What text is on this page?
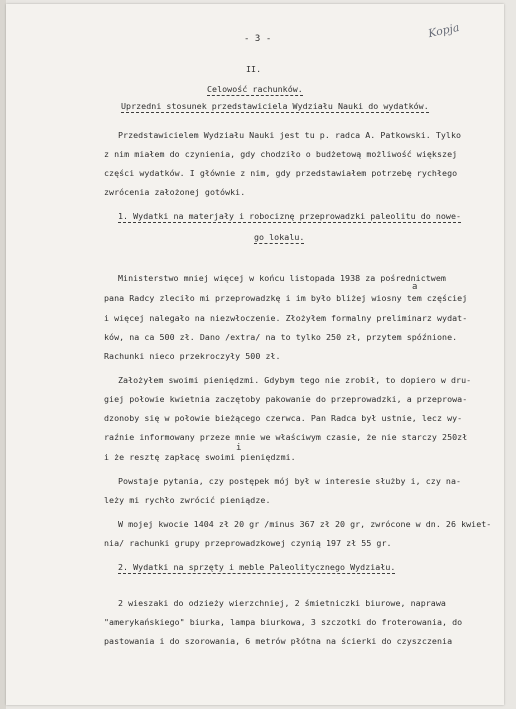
- 3 -	Kopja
II.
Celowość rachunków.
Uprzedni stosunek przedstawiciela Wydziału Nauki do wydatków.
Przedstawicielem Wydziału Nauki jest tu p. radca A. Patkowski. Tylko
z nim miałem do czynienia, gdy chodziło o budżetową możliwość większej
części wydatków. I głównie z nim, gdy przedstawiałem potrzebę rychłego
zwrócenia założonej gotówki.
1. Wydatki na materjały i robociznę przeprowadzki paleolitu do nowe-
go lokalu.
Ministerstwo mniej więcej w końcu listopada 1938 za pośrednictwem
a
pana Radcy zleciło mi przeprowadzkę i im było bliżej wiosny tem częściej
i więcej nalegało na niezwłoczenie. Złożyłem formalny preliminarz wydat-
ków, na ca 500 zł. Dano /extra/ na to tylko 250 zł, przytem spóźnione.
Rachunki nieco przekroczyły 500 zł.
Założyłem swoimi pieniędzmi. Gdybym tego nie zrobił, to dopiero w dru-
giej połowie kwietnia zaczętoby pakowanie do przeprowadzki, a przeprowa-
dzonoby się w połowie bieżącego czerwca. Pan Radca był ustnie, lecz wy-
raźnie informowany przeze mnie we właściwym czasie, że nie starczy 250zł
i
i że resztę zapłacę swoimi pieniędzmi.
Powstaje pytania, czy postępek mój był w interesie służby i, czy na-
leży mi rychło zwrócić pieniądze.
W mojej kwocie 1404 zł 20 gr /minus 367 zł 20 gr, zwrócone w dn. 26 kwiet-
nia/ rachunki grupy przeprowadzkowej czynią 197 zł 55 gr.
2. Wydatki na sprzęty i meble Paleolitycznego Wydziału.
2 wieszaki do odzieży wierzchniej, 2 śmietniczki biurowe, naprawa
"amerykańskiego" biurka, lampa biurkowa, 3 szczotki do froterowania, do
pastowania i do szorowania, 6 metrów płótna na ścierki do czyszczenia
